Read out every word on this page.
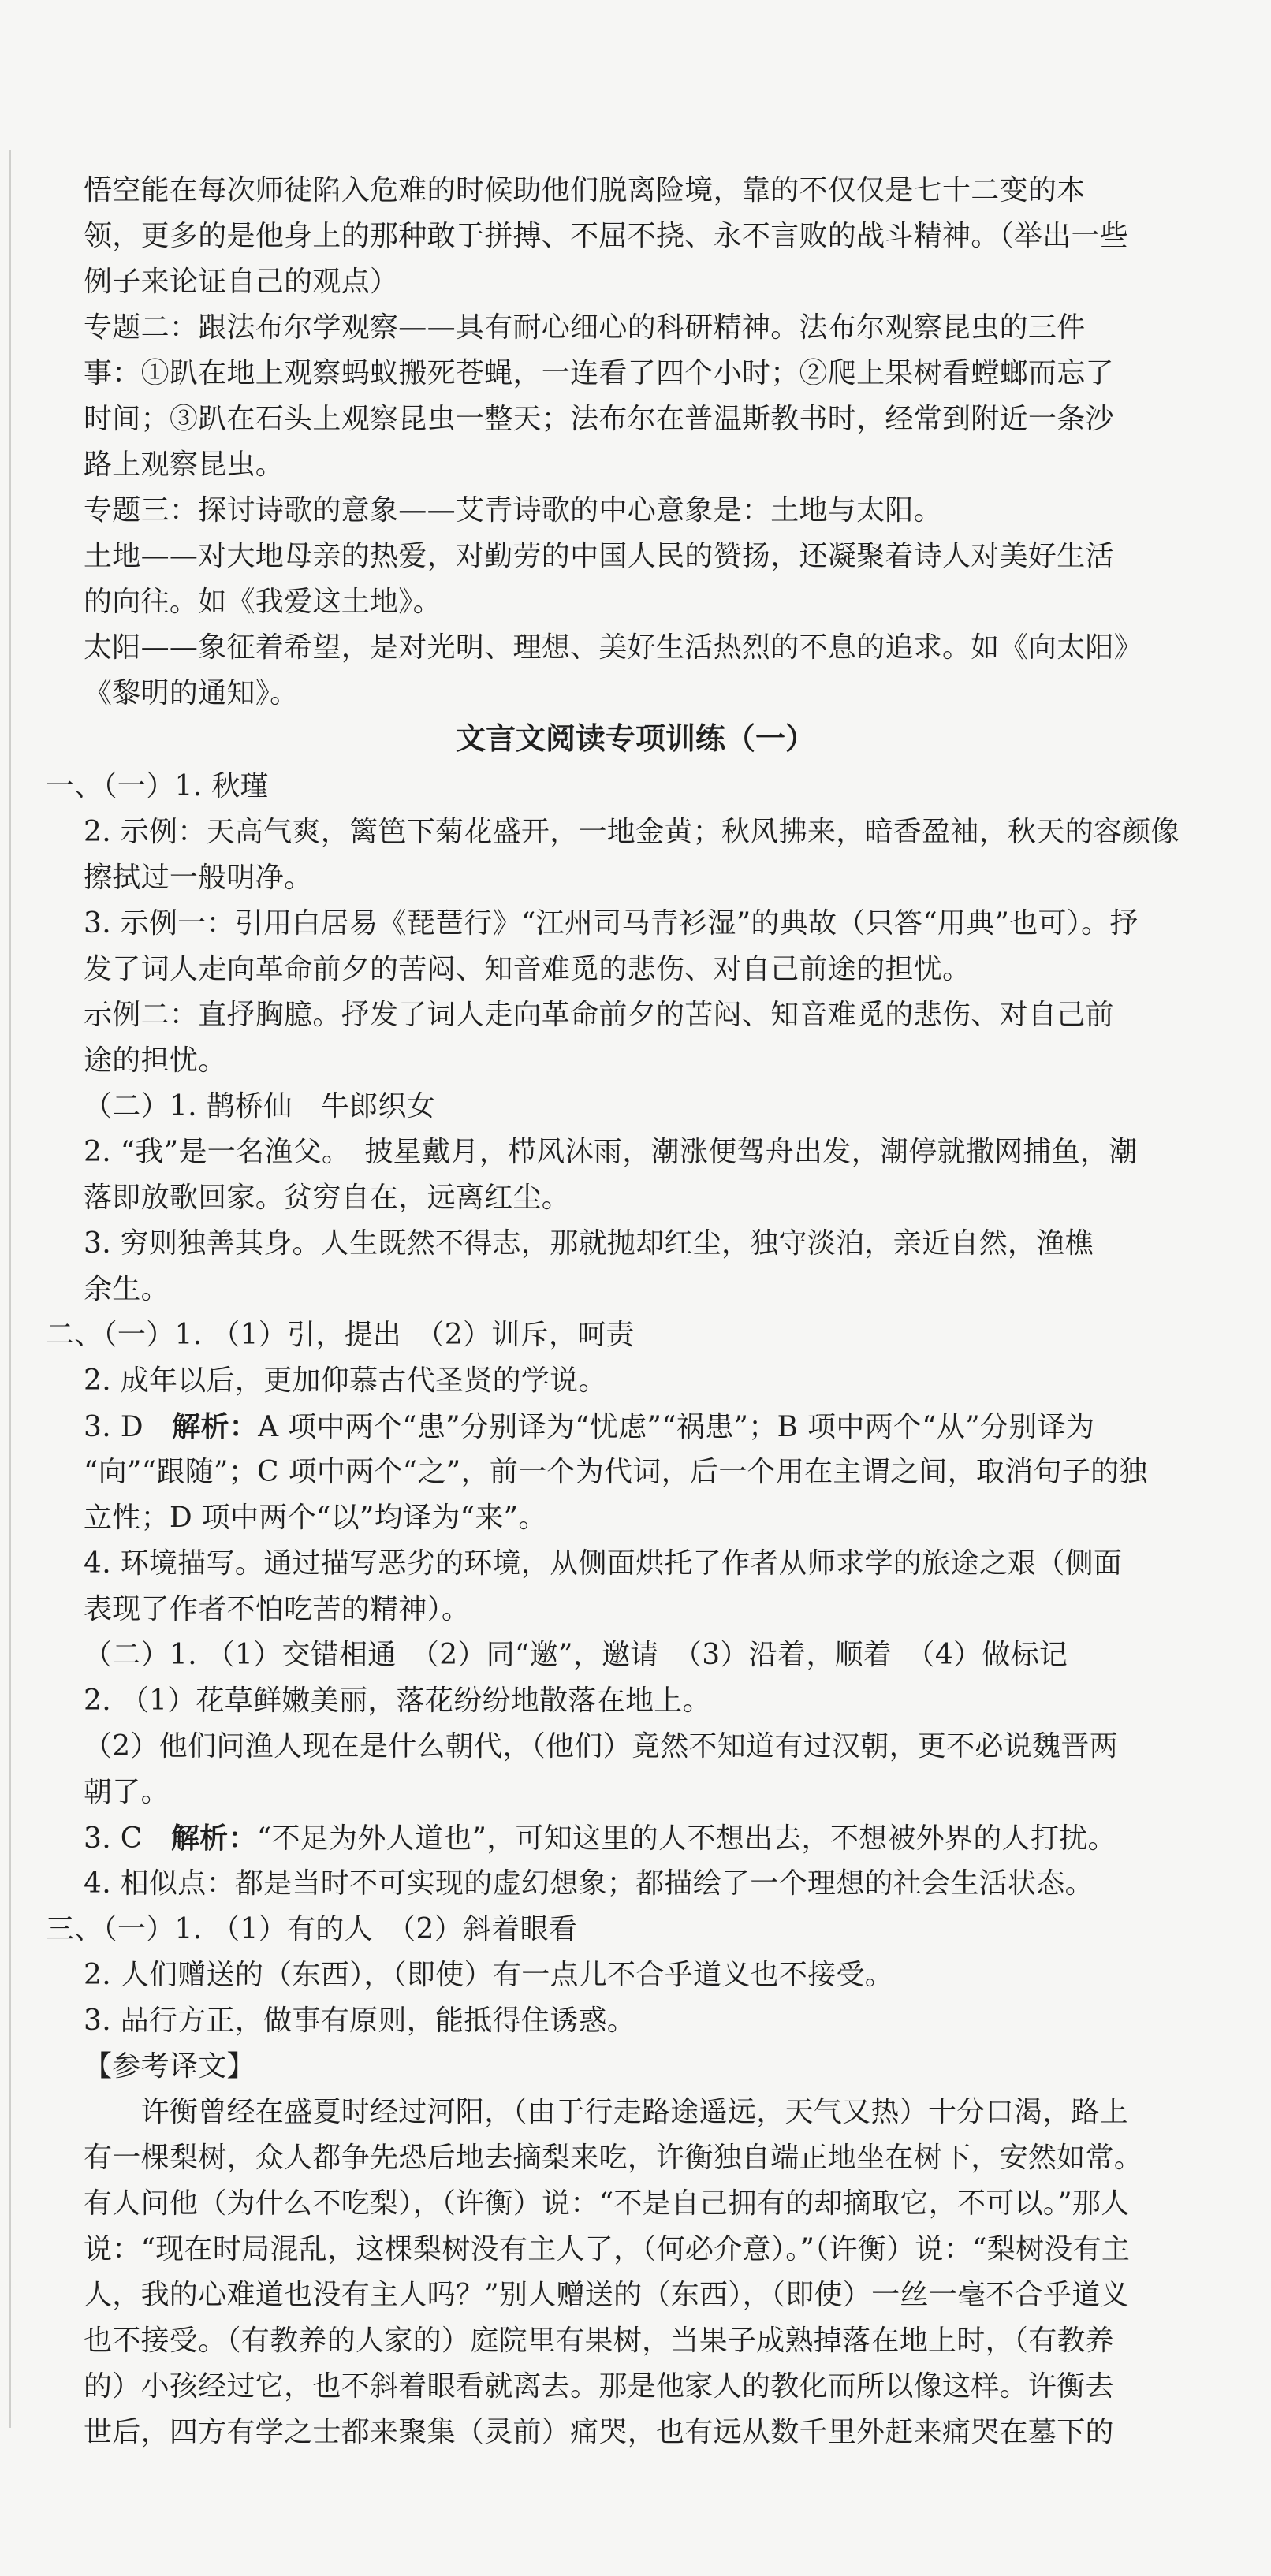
悟空能在每次师徒陷入危难的时候助他们脱离险境，靠的不仅仅是七十二变的本
领，更多的是他身上的那种敢于拼搏、不屈不挠、永不言败的战斗精神。（举出一些
例子来论证自己的观点）
专题二：跟法布尔学观察——具有耐心细心的科研精神。法布尔观察昆虫的三件
事：①趴在地上观察蚂蚁搬死苍蝇，一连看了四个小时；②爬上果树看螳螂而忘了
时间；③趴在石头上观察昆虫一整天；法布尔在普温斯教书时，经常到附近一条沙
路上观察昆虫。
专题三：探讨诗歌的意象——艾青诗歌的中心意象是：土地与太阳。
土地——对大地母亲的热爱，对勤劳的中国人民的赞扬，还凝聚着诗人对美好生活
的向往。如《我爱这土地》。
太阳——象征着希望，是对光明、理想、美好生活热烈的不息的追求。如《向太阳》
《黎明的通知》。
文言文阅读专项训练（一）
一、（一）1. 秋瑾
2. 示例：天高气爽，篱笆下菊花盛开，一地金黄；秋风拂来，暗香盈袖，秋天的容颜像
擦拭过一般明净。
3. 示例一：引用白居易《琵琶行》“江州司马青衫湿”的典故（只答“用典”也可）。抒
发了词人走向革命前夕的苦闷、知音难觅的悲伤、对自己前途的担忧。
示例二：直抒胸臆。抒发了词人走向革命前夕的苦闷、知音难觅的悲伤、对自己前
途的担忧。
（二）1. 鹊桥仙　牛郎织女
2. “我”是一名渔父。　披星戴月，栉风沐雨，潮涨便驾舟出发，潮停就撒网捕鱼，潮
落即放歌回家。贫穷自在，远离红尘。
3. 穷则独善其身。人生既然不得志，那就抛却红尘，独守淡泊，亲近自然，渔樵
余生。
二、（一）1. （1）引，提出　（2）训斥，呵责
2. 成年以后，更加仰慕古代圣贤的学说。
3. D　解析：A 项中两个“患”分别译为“忧虑”“祸患”；B 项中两个“从”分别译为
“向”“跟随”；C 项中两个“之”，前一个为代词，后一个用在主谓之间，取消句子的独
立性；D 项中两个“以”均译为“来”。
4. 环境描写。通过描写恶劣的环境，从侧面烘托了作者从师求学的旅途之艰（侧面
表现了作者不怕吃苦的精神）。
（二）1. （1）交错相通　（2）同“邀”，邀请　（3）沿着，顺着　（4）做标记
2. （1）花草鲜嫩美丽，落花纷纷地散落在地上。
（2）他们问渔人现在是什么朝代，（他们）竟然不知道有过汉朝，更不必说魏晋两
朝了。
3. C　解析：“不足为外人道也”，可知这里的人不想出去，不想被外界的人打扰。
4. 相似点：都是当时不可实现的虚幻想象；都描绘了一个理想的社会生活状态。
三、（一）1. （1）有的人　（2）斜着眼看
2. 人们赠送的（东西），（即使）有一点儿不合乎道义也不接受。
3. 品行方正，做事有原则，能抵得住诱惑。
【参考译文】
　　许衡曾经在盛夏时经过河阳，（由于行走路途遥远，天气又热）十分口渴，路上
有一棵梨树，众人都争先恐后地去摘梨来吃，许衡独自端正地坐在树下，安然如常。
有人问他（为什么不吃梨），（许衡）说：“不是自己拥有的却摘取它，不可以。”那人
说：“现在时局混乱，这棵梨树没有主人了，（何必介意）。”（许衡）说：“梨树没有主
人，我的心难道也没有主人吗？”别人赠送的（东西），（即使）一丝一毫不合乎道义
也不接受。（有教养的人家的）庭院里有果树，当果子成熟掉落在地上时，（有教养
的）小孩经过它，也不斜着眼看就离去。那是他家人的教化而所以像这样。许衡去
世后，四方有学之士都来聚集（灵前）痛哭，也有远从数千里外赶来痛哭在墓下的
